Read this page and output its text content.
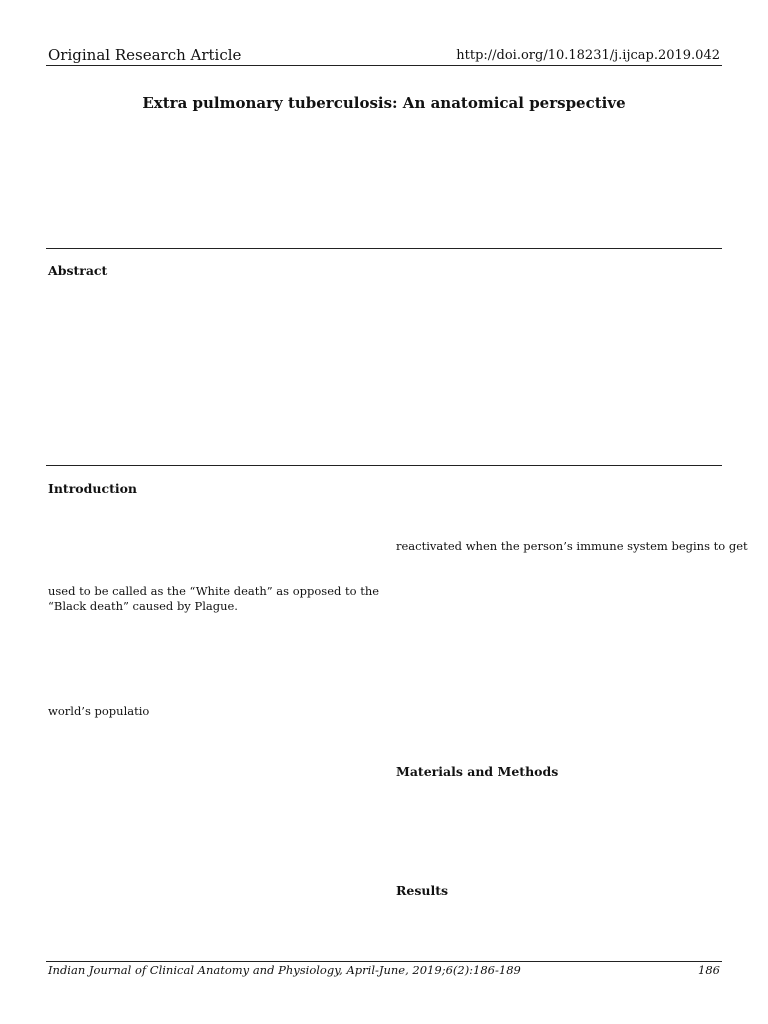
Original Research Article	http://doi.org/10.18231/j.ijcap.2019.042
Extra pulmonary tuberculosis: An anatomical perspective
Abstract
Introduction
reactivated when the person’s immune system begins to get
used to be called as the “White death” as opposed to the
“Black death” caused by Plague.
world’s populatio
Materials and Methods
Results
Indian Journal of Clinical Anatomy and Physiology, April-June, 2019;6(2):186-189	186
